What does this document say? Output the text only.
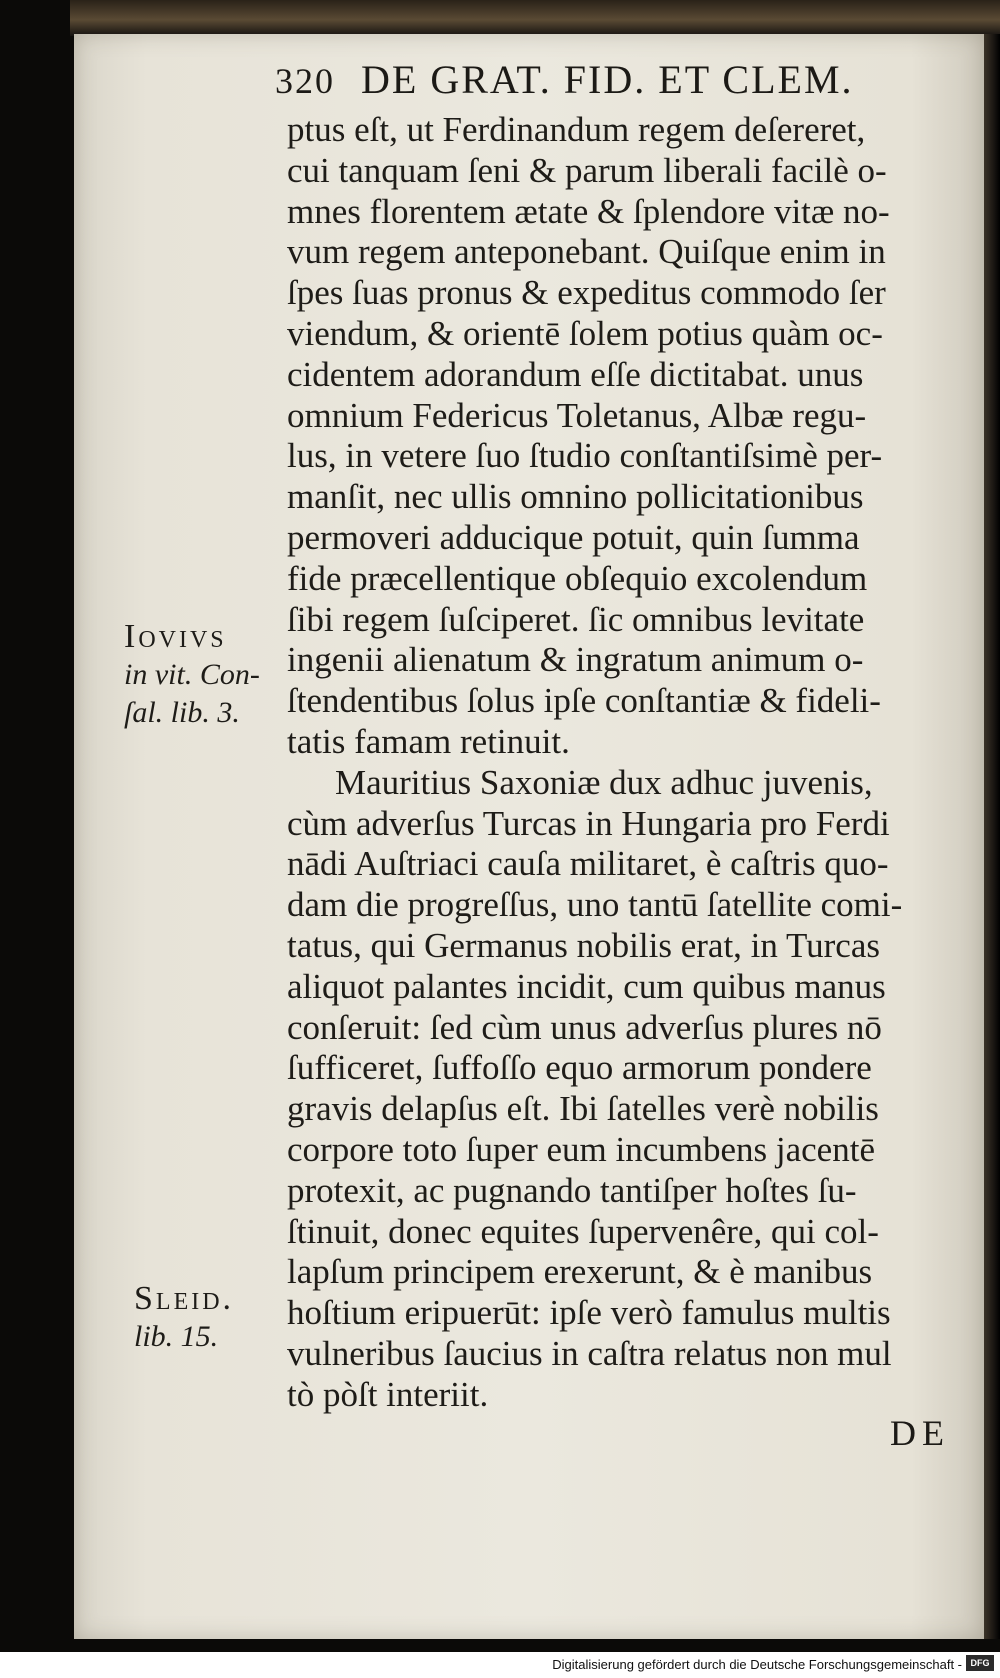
320 DE GRAT. FID. ET CLEM.
ptus eſt, ut Ferdinandum regem deſereret,
cui tanquam ſeni & parum liberali facilè o-
mnes florentem ætate & ſplendore vitæ no-
vum regem anteponebant. Quiſque enim in
ſpes ſuas pronus & expeditus commodo ſer
viendum, & orientē ſolem potius quàm oc-
cidentem adorandum eſſe dictitabat. unus
omnium Federicus Toletanus, Albæ regu-
lus, in vetere ſuo ſtudio conſtantiſsimè per-
manſit, nec ullis omnino pollicitationibus
permoveri adducique potuit, quin ſumma
fide præcellentique obſequio excolendum
ſibi regem ſuſciperet. ſic omnibus levitate
ingenii alienatum & ingratum animum o-
ſtendentibus ſolus ipſe conſtantiæ & fideli-
tatis famam retinuit.
Mauritius Saxoniæ dux adhuc juvenis,
cùm adverſus Turcas in Hungaria pro Ferdi
nādi Auſtriaci cauſa militaret, è caſtris quo-
dam die progreſſus, uno tantū ſatellite comi-
tatus, qui Germanus nobilis erat, in Turcas
aliquot palantes incidit, cum quibus manus
conſeruit: ſed cùm unus adverſus plures nō
ſufficeret, ſuffoſſo equo armorum pondere
gravis delapſus eſt. Ibi ſatelles verè nobilis
corpore toto ſuper eum incumbens jacentē
protexit, ac pugnando tantiſper hoſtes ſu-
ſtinuit, donec equites ſupervenêre, qui col-
lapſum principem erexerunt, & è manibus
hoſtium eripuerūt: ipſe verò famulus multis
vulneribus ſaucius in caſtra relatus non mul
tò pòſt interiit.
Iovivs
in vit. Con-
ſal. lib. 3.
Sleid.
lib. 15.
DE
Digitalisierung gefördert durch die Deutsche Forschungsgemeinschaft - DFG
